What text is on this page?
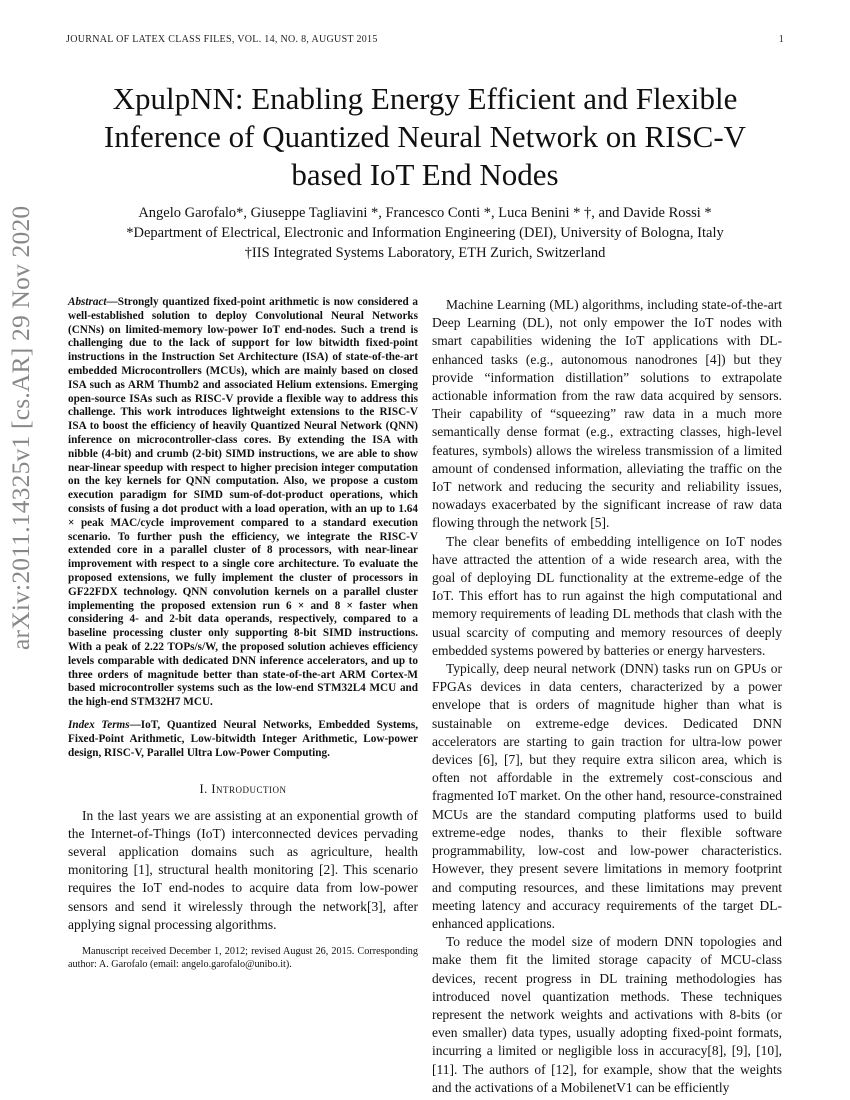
JOURNAL OF LATEX CLASS FILES, VOL. 14, NO. 8, AUGUST 2015	1
arXiv:2011.14325v1 [cs.AR] 29 Nov 2020
XpulpNN: Enabling Energy Efficient and Flexible
Inference of Quantized Neural Network on RISC-V
based IoT End Nodes
Angelo Garofalo*, Giuseppe Tagliavini *, Francesco Conti *, Luca Benini * †, and Davide Rossi *
*Department of Electrical, Electronic and Information Engineering (DEI), University of Bologna, Italy
†IIS Integrated Systems Laboratory, ETH Zurich, Switzerland
Abstract—Strongly quantized fixed-point arithmetic is now considered a well-established solution to deploy Convolutional Neural Networks (CNNs) on limited-memory low-power IoT end-nodes. Such a trend is challenging due to the lack of support for low bitwidth fixed-point instructions in the Instruction Set Architecture (ISA) of state-of-the-art embedded Microcontrollers (MCUs), which are mainly based on closed ISA such as ARM Thumb2 and associated Helium extensions. Emerging open-source ISAs such as RISC-V provide a flexible way to address this challenge. This work introduces lightweight extensions to the RISC-V ISA to boost the efficiency of heavily Quantized Neural Network (QNN) inference on microcontroller-class cores. By extending the ISA with nibble (4-bit) and crumb (2-bit) SIMD instructions, we are able to show near-linear speedup with respect to higher precision integer computation on the key kernels for QNN computation. Also, we propose a custom execution paradigm for SIMD sum-of-dot-product operations, which consists of fusing a dot product with a load operation, with an up to 1.64 × peak MAC/cycle improvement compared to a standard execution scenario. To further push the efficiency, we integrate the RISC-V extended core in a parallel cluster of 8 processors, with near-linear improvement with respect to a single core architecture. To evaluate the proposed extensions, we fully implement the cluster of processors in GF22FDX technology. QNN convolution kernels on a parallel cluster implementing the proposed extension run 6 × and 8 × faster when considering 4- and 2-bit data operands, respectively, compared to a baseline processing cluster only supporting 8-bit SIMD instructions. With a peak of 2.22 TOPs/s/W, the proposed solution achieves efficiency levels comparable with dedicated DNN inference accelerators, and up to three orders of magnitude better than state-of-the-art ARM Cortex-M based microcontroller systems such as the low-end STM32L4 MCU and the high-end STM32H7 MCU.
Index Terms—IoT, Quantized Neural Networks, Embedded Systems, Fixed-Point Arithmetic, Low-bitwidth Integer Arithmetic, Low-power design, RISC-V, Parallel Ultra Low-Power Computing.
I. Introduction

In the last years we are assisting at an exponential growth of the Internet-of-Things (IoT) interconnected devices pervading several application domains such as agriculture, health monitoring [1], structural health monitoring [2]. This scenario requires the IoT end-nodes to acquire data from low-power sensors and send it wirelessly through the network[3], after applying signal processing algorithms.

Manuscript received December 1, 2012; revised August 26, 2015. Corresponding author: A. Garofalo (email: angelo.garofalo@unibo.it).

Machine Learning (ML) algorithms, including state-of-the-art Deep Learning (DL), not only empower the IoT nodes with smart capabilities widening the IoT applications with DL-enhanced tasks (e.g., autonomous nanodrones [4]) but they provide “information distillation” solutions to extrapolate actionable information from the raw data acquired by sensors. Their capability of “squeezing” raw data in a much more semantically dense format (e.g., extracting classes, high-level features, symbols) allows the wireless transmission of a limited amount of condensed information, alleviating the traffic on the IoT network and reducing the security and reliability issues, nowadays exacerbated by the significant increase of raw data flowing through the network [5].

The clear benefits of embedding intelligence on IoT nodes have attracted the attention of a wide research area, with the goal of deploying DL functionality at the extreme-edge of the IoT. This effort has to run against the high computational and memory requirements of leading DL methods that clash with the usual scarcity of computing and memory resources of deeply embedded systems powered by batteries or energy harvesters.

Typically, deep neural network (DNN) tasks run on GPUs or FPGAs devices in data centers, characterized by a power envelope that is orders of magnitude higher than what is sustainable on extreme-edge devices. Dedicated DNN accelerators are starting to gain traction for ultra-low power devices [6], [7], but they require extra silicon area, which is often not affordable in the extremely cost-conscious and fragmented IoT market. On the other hand, resource-constrained MCUs are the standard computing platforms used to build extreme-edge nodes, thanks to their flexible software programmability, low-cost and low-power characteristics. However, they present severe limitations in memory footprint and computing resources, and these limitations may prevent meeting latency and accuracy requirements of the target DL-enhanced applications.

To reduce the model size of modern DNN topologies and make them fit the limited storage capacity of MCU-class devices, recent progress in DL training methodologies has introduced novel quantization methods. These techniques represent the network weights and activations with 8-bits (or even smaller) data types, usually adopting fixed-point formats, incurring a limited or negligible loss in accuracy[8], [9], [10], [11]. The authors of [12], for example, show that the weights and the activations of a MobilenetV1 can be efficiently
